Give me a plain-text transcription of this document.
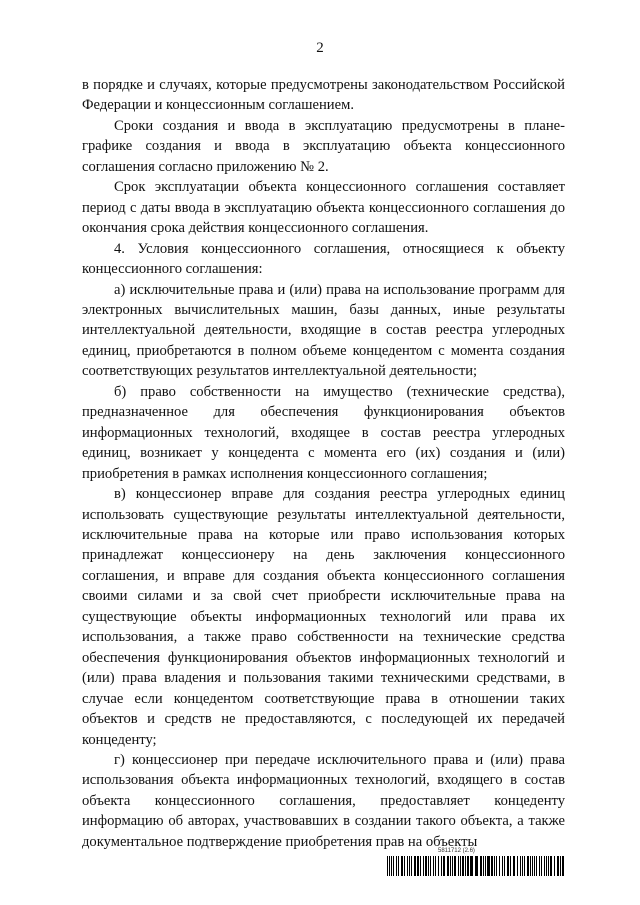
2

в порядке и случаях, которые предусмотрены законодательством Российской Федерации и концессионным соглашением.

Сроки создания и ввода в эксплуатацию предусмотрены в плане-графике создания и ввода в эксплуатацию объекта концессионного соглашения согласно приложению № 2.

Срок эксплуатации объекта концессионного соглашения составляет период с даты ввода в эксплуатацию объекта концессионного соглашения до окончания срока действия концессионного соглашения.

4. Условия концессионного соглашения, относящиеся к объекту концессионного соглашения:

а) исключительные права и (или) права на использование программ для электронных вычислительных машин, базы данных, иные результаты интеллектуальной деятельности, входящие в состав реестра углеродных единиц, приобретаются в полном объеме концедентом с момента создания соответствующих результатов интеллектуальной деятельности;

б) право собственности на имущество (технические средства), предназначенное для обеспечения функционирования объектов информационных технологий, входящее в состав реестра углеродных единиц, возникает у концедента с момента его (их) создания и (или) приобретения в рамках исполнения концессионного соглашения;

в) концессионер вправе для создания реестра углеродных единиц использовать существующие результаты интеллектуальной деятельности, исключительные права на которые или право использования которых принадлежат концессионеру на день заключения концессионного соглашения, и вправе для создания объекта концессионного соглашения своими силами и за свой счет приобрести исключительные права на существующие объекты информационных технологий или права их использования, а также право собственности на технические средства обеспечения функционирования объектов информационных технологий и (или) права владения и пользования такими техническими средствами, в случае если концедентом соответствующие права в отношении таких объектов и средств не предоставляются, с последующей их передачей концеденту;

г) концессионер при передаче исключительного права и (или) права использования объекта информационных технологий, входящего в состав объекта концессионного соглашения, предоставляет концеденту информацию об авторах, участвовавших в создании такого объекта, а также документальное подтверждение приобретения прав на объекты

5811712 (2.6)
